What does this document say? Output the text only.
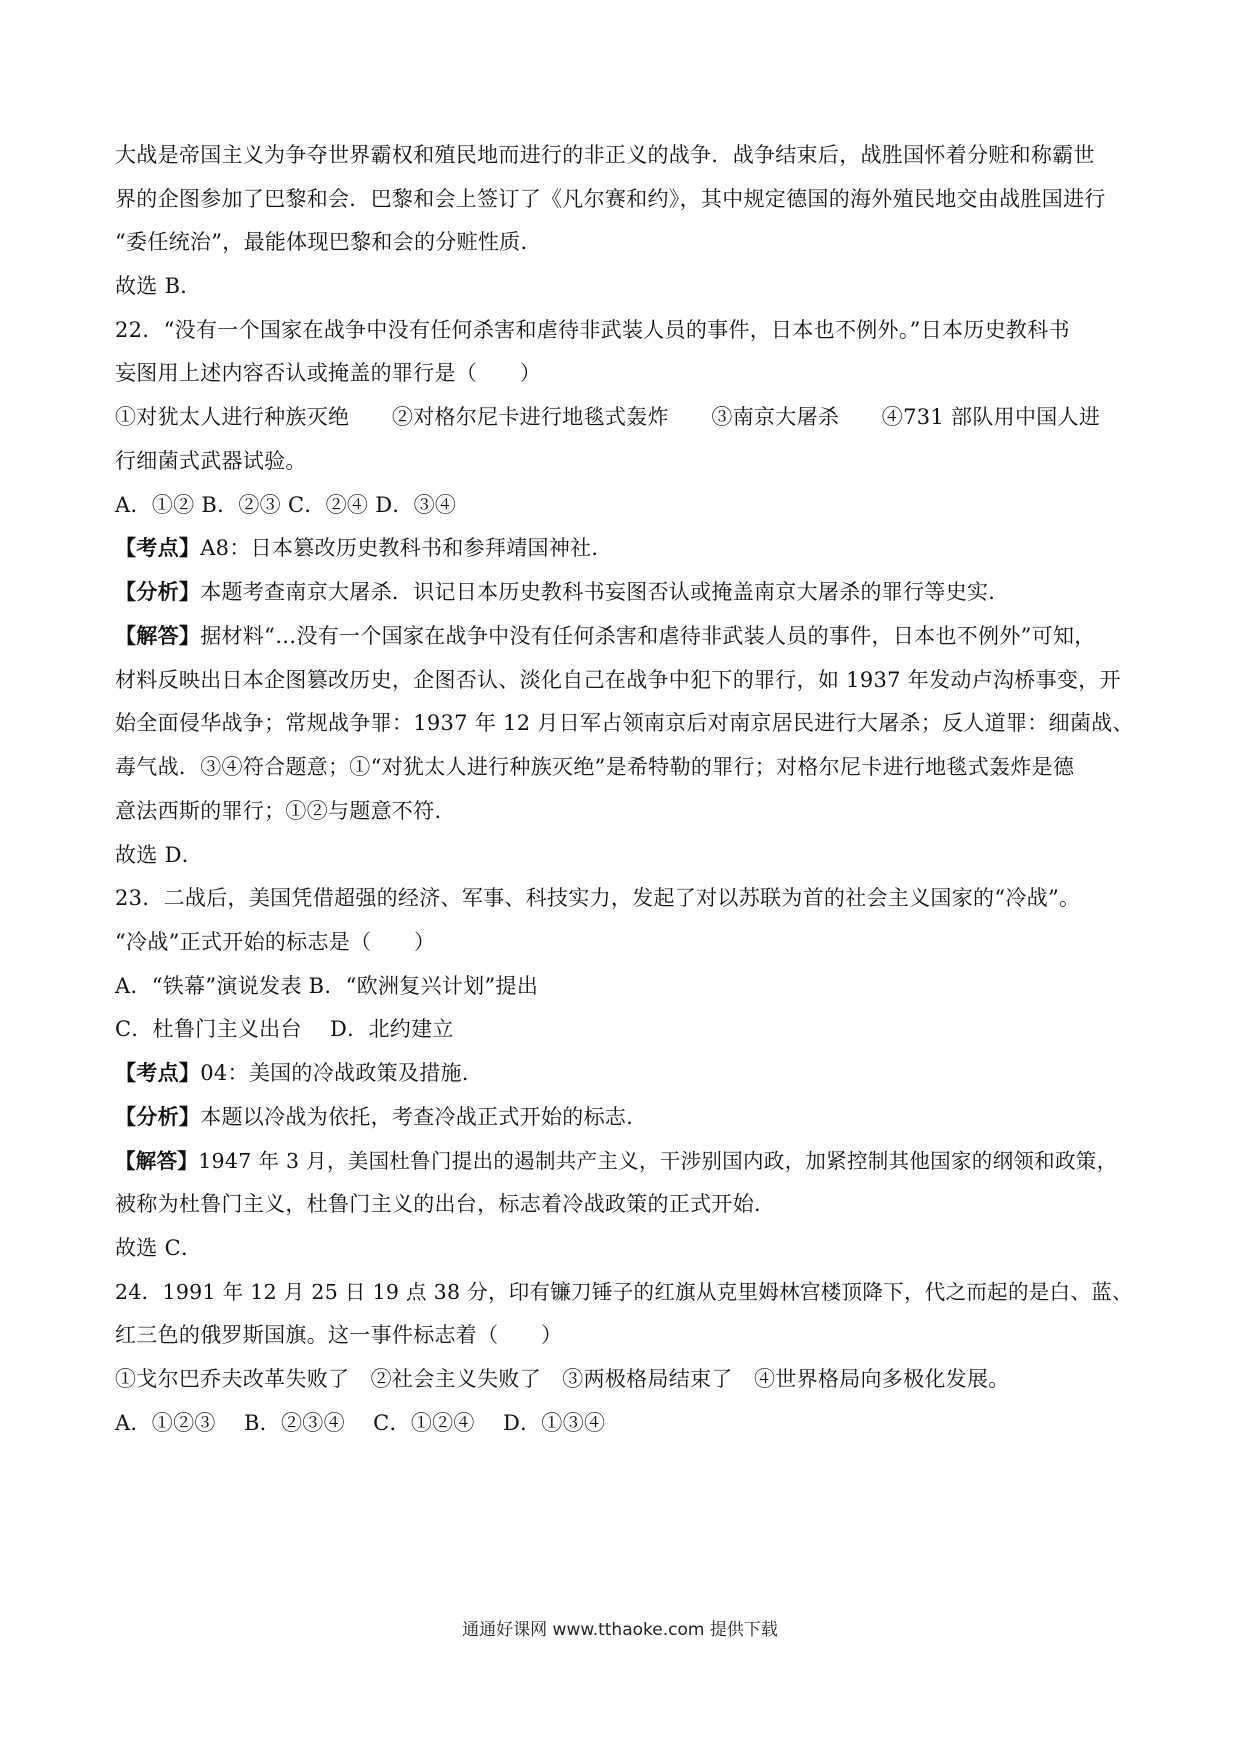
大战是帝国主义为争夺世界霸权和殖民地而进行的非正义的战争．战争结束后，战胜国怀着分赃和称霸世
界的企图参加了巴黎和会．巴黎和会上签订了《凡尔赛和约》，其中规定德国的海外殖民地交由战胜国进行
“委任统治”，最能体现巴黎和会的分赃性质．
故选 B．
22．“没有一个国家在战争中没有任何杀害和虐待非武装人员的事件，日本也不例外。”日本历史教科书
妄图用上述内容否认或掩盖的罪行是（　　）
①对犹太人进行种族灭绝　　②对格尔尼卡进行地毯式轰炸　　③南京大屠杀　　④731 部队用中国人进
行细菌式武器试验。
A．①② B．②③ C．②④ D．③④
【考点】A8：日本篡改历史教科书和参拜靖国神社．
【分析】本题考查南京大屠杀．识记日本历史教科书妄图否认或掩盖南京大屠杀的罪行等史实．
【解答】据材料“…没有一个国家在战争中没有任何杀害和虐待非武装人员的事件，日本也不例外”可知，
材料反映出日本企图篡改历史，企图否认、淡化自己在战争中犯下的罪行，如 1937 年发动卢沟桥事变，开
始全面侵华战争；常规战争罪：1937 年 12 月日军占领南京后对南京居民进行大屠杀；反人道罪：细菌战、
毒气战．③④符合题意；①“对犹太人进行种族灭绝”是希特勒的罪行；对格尔尼卡进行地毯式轰炸是德
意法西斯的罪行；①②与题意不符．
故选 D．
23．二战后，美国凭借超强的经济、军事、科技实力，发起了对以苏联为首的社会主义国家的“冷战”。
“冷战”正式开始的标志是（　　）
A．“铁幕”演说发表 B．“欧洲复兴计划”提出
C．杜鲁门主义出台　 D．北约建立
【考点】04：美国的冷战政策及措施．
【分析】本题以冷战为依托，考查冷战正式开始的标志．
【解答】1947 年 3 月，美国杜鲁门提出的遏制共产主义，干涉别国内政，加紧控制其他国家的纲领和政策，
被称为杜鲁门主义，杜鲁门主义的出台，标志着冷战政策的正式开始．
故选 C．
24．1991 年 12 月 25 日 19 点 38 分，印有镰刀锤子的红旗从克里姆林宫楼顶降下，代之而起的是白、蓝、
红三色的俄罗斯国旗。这一事件标志着（　　）
①戈尔巴乔夫改革失败了　②社会主义失败了　③两极格局结束了　④世界格局向多极化发展。
A．①②③　 B．②③④　 C．①②④　 D．①③④
通通好课网 www.tthaoke.com 提供下载
